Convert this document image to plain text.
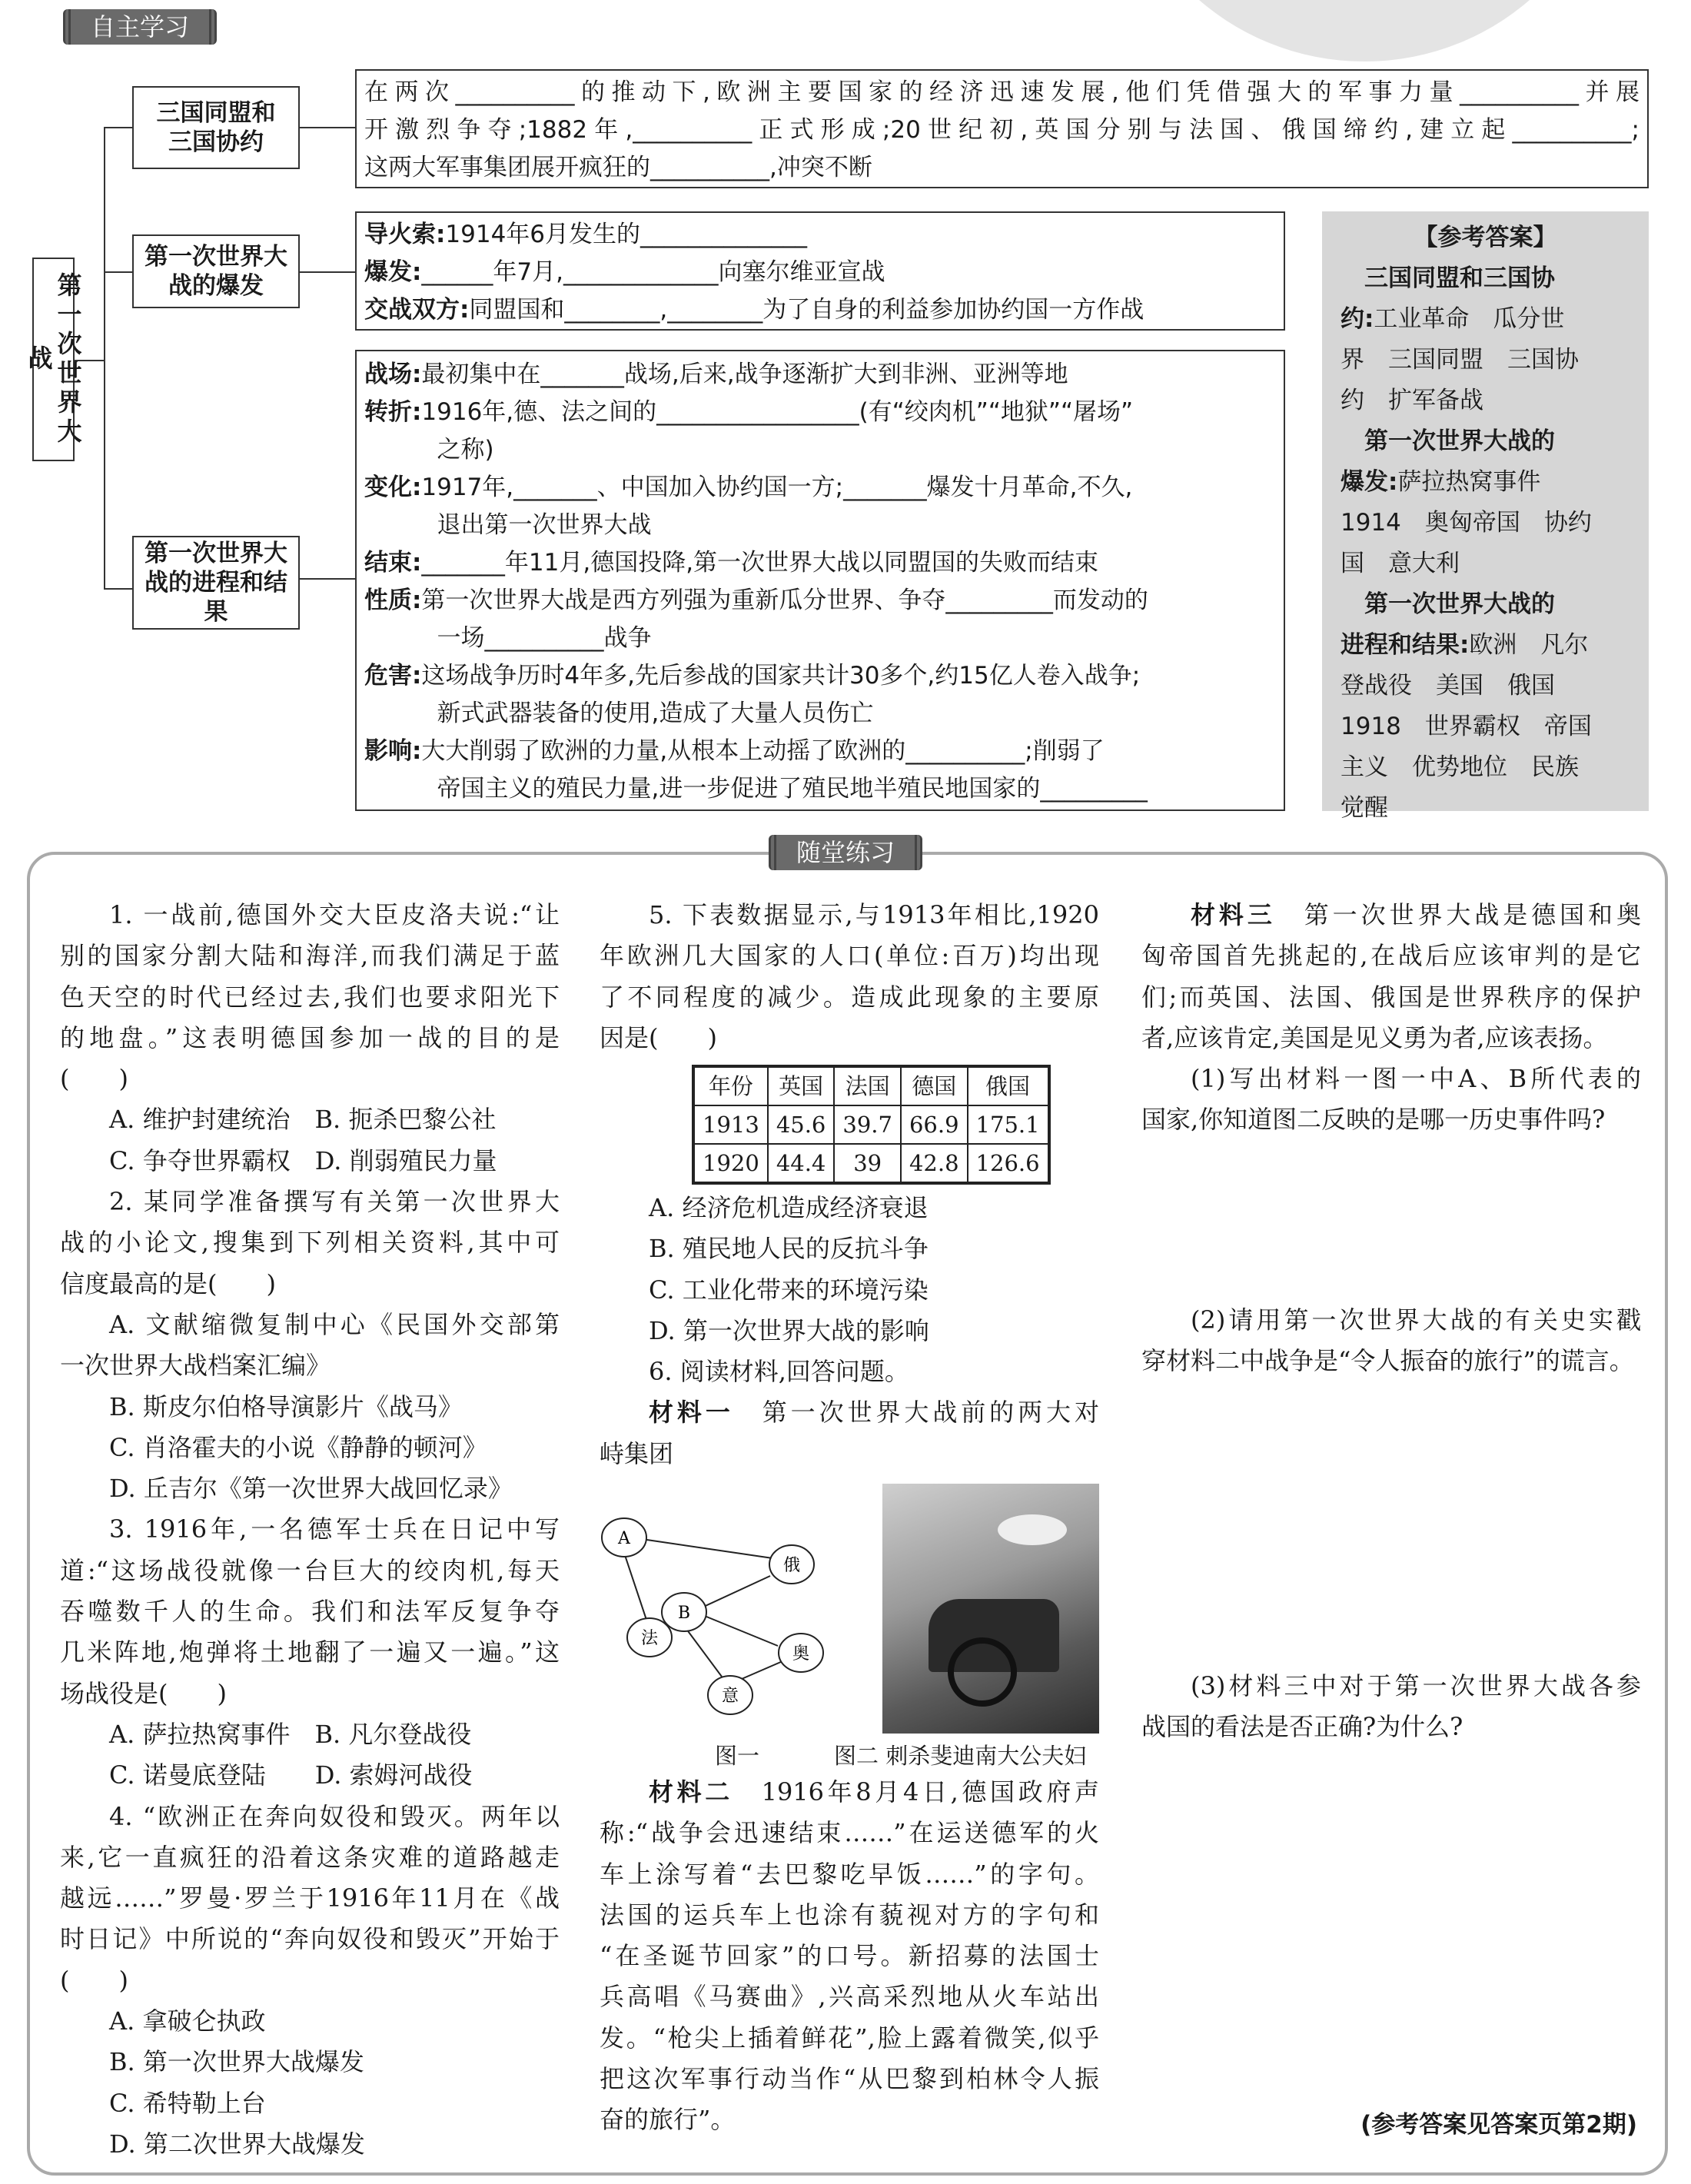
自主学习
第一次世界大战
三国同盟和三国协约
第一次世界大战的爆发
第一次世界大战的进程和结果
在两次__________的推动下,欧洲主要国家的经济迅速发展,他们凭借强大的军事力量__________并展
开激烈争夺;1882年,__________正式形成;20世纪初,英国分别与法国、俄国缔约,建立起__________;
这两大军事集团展开疯狂的__________,冲突不断
导火索: 1914年6月发生的______________
爆发: ______年7月,_____________向塞尔维亚宣战
交战双方: 同盟国和________,________为了自身的利益参加协约国一方作战
战场: 最初集中在_______战场,后来,战争逐渐扩大到非洲、亚洲等地
转折: 1916年,德、法之间的_________________(有“绞肉机”“地狱”“屠场”
之称)
变化: 1917年,_______、中国加入协约国一方;_______爆发十月革命,不久,
退出第一次世界大战
结束: _______年11月,德国投降,第一次世界大战以同盟国的失败而结束
性质: 第一次世界大战是西方列强为重新瓜分世界、争夺_________而发动的
一场__________战争
危害: 这场战争历时4年多,先后参战的国家共计30多个,约15亿人卷入战争;
新式武器装备的使用,造成了大量人员伤亡
影响: 大大削弱了欧洲的力量,从根本上动摇了欧洲的__________;削弱了
帝国主义的殖民力量,进一步促进了殖民地半殖民地国家的_________
【参考答案】
　三国同盟和三国协
约:工业革命　瓜分世
界　三国同盟　三国协
约　扩军备战
　第一次世界大战的
爆发:萨拉热窝事件
1914　奥匈帝国　协约
国　意大利
　第一次世界大战的
进程和结果:欧洲　凡尔
登战役　美国　俄国
1918　世界霸权　帝国
主义　优势地位　民族
觉醒
随堂练习
1. 一战前,德国外交大臣皮洛夫说:“让
别的国家分割大陆和海洋,而我们满足于蓝
色天空的时代已经过去,我们也要求阳光下
的地盘。”这表明德国参加一战的目的是
(　　)
A. 维护封建统治　B. 扼杀巴黎公社
C. 争夺世界霸权　D. 削弱殖民力量
2. 某同学准备撰写有关第一次世界大
战的小论文,搜集到下列相关资料,其中可
信度最高的是(　　)
A. 文献缩微复制中心《民国外交部第
一次世界大战档案汇编》
B. 斯皮尔伯格导演影片《战马》
C. 肖洛霍夫的小说《静静的顿河》
D. 丘吉尔《第一次世界大战回忆录》
3. 1916年,一名德军士兵在日记中写
道:“这场战役就像一台巨大的绞肉机,每天
吞噬数千人的生命。我们和法军反复争夺
几米阵地,炮弹将土地翻了一遍又一遍。”这
场战役是(　　)
A. 萨拉热窝事件　B. 凡尔登战役
C. 诺曼底登陆　　D. 索姆河战役
4. “欧洲正在奔向奴役和毁灭。两年以
来,它一直疯狂的沿着这条灾难的道路越走
越远……”罗曼·罗兰于1916年11月在《战
时日记》中所说的“奔向奴役和毁灭”开始于
(　　)
A. 拿破仑执政
B. 第一次世界大战爆发
C. 希特勒上台
D. 第二次世界大战爆发
5. 下表数据显示,与1913年相比,1920
年欧洲几大国家的人口(单位:百万)均出现
了不同程度的减少。造成此现象的主要原
因是(　　)
年份	英国	法国	德国	俄国
1913	45.6	39.7	66.9	175.1
1920	44.4	39	42.8	126.6
A. 经济危机造成经济衰退
B. 殖民地人民的反抗斗争
C. 工业化带来的环境污染
D. 第一次世界大战的影响
6. 阅读材料,回答问题。
材料一　第一次世界大战前的两大对
峙集团
A
B
俄
法
奥
意
图一	图二 刺杀斐迪南大公夫妇
材料二　1916年8月4日,德国政府声
称:“战争会迅速结束……”在运送德军的火
车上涂写着“去巴黎吃早饭……”的字句。
法国的运兵车上也涂有藐视对方的字句和
“在圣诞节回家”的口号。新招募的法国士
兵高唱《马赛曲》,兴高采烈地从火车站出
发。“枪尖上插着鲜花”,脸上露着微笑,似乎
把这次军事行动当作“从巴黎到柏林令人振
奋的旅行”。
材料三　第一次世界大战是德国和奥
匈帝国首先挑起的,在战后应该审判的是它
们;而英国、法国、俄国是世界秩序的保护
者,应该肯定,美国是见义勇为者,应该表扬。
(1)写出材料一图一中A、B所代表的
国家,你知道图二反映的是哪一历史事件吗?
(2)请用第一次世界大战的有关史实戳
穿材料二中战争是“令人振奋的旅行”的谎言。
(3)材料三中对于第一次世界大战各参
战国的看法是否正确?为什么?
(参考答案见答案页第2期)
